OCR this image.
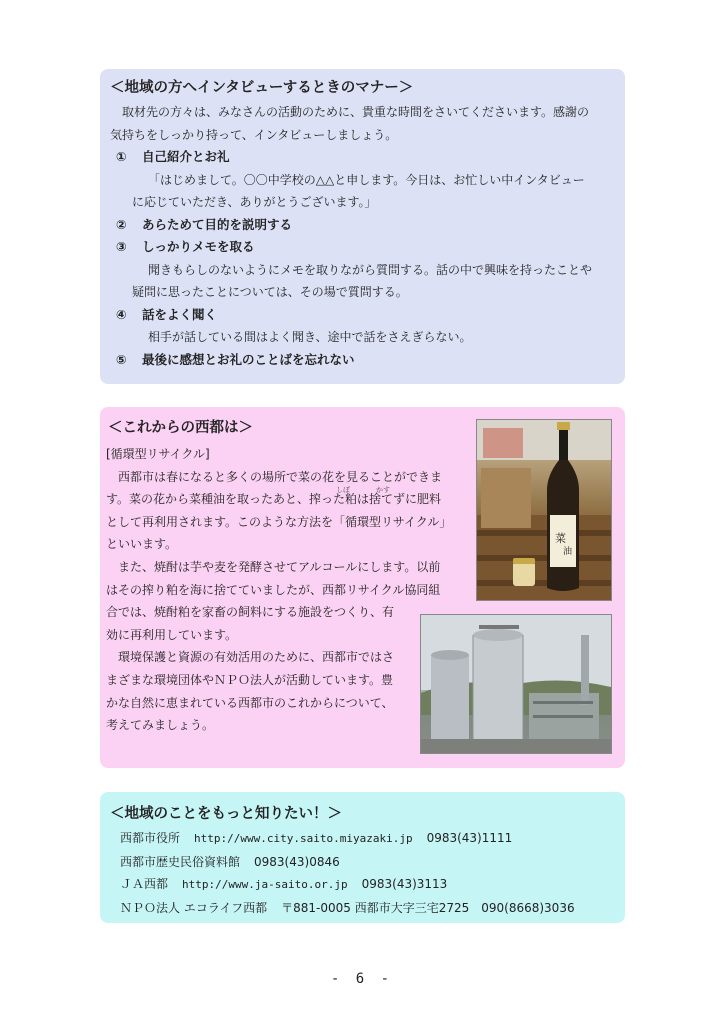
＜地域の方へインタビューするときのマナー＞
　取材先の方々は、みなさんの活動のために、貴重な時間をさいてくださいます。感謝の
気持ちをしっかり持って、インタビューしましょう。
① 自己紹介とお礼
「はじめまして。〇〇中学校の△△と申します。今日は、お忙しい中インタビュー
に応じていただき、ありがとうございます。」
② あらためて目的を説明する
③ しっかりメモを取る
聞きもらしのないようにメモを取りながら質問する。話の中で興味を持ったことや
疑問に思ったことについては、その場で質問する。
④ 話をよく聞く
相手が話している間はよく聞き、途中で話をさえぎらない。
⑤ 最後に感想とお礼のことばを忘れない
＜これからの西都は＞
[循環型リサイクル]
　西都市は春になると多くの場所で菜の花を見ることができま
す。菜の花から菜種油を取ったあと、搾った粕は捨てずに肥料
として再利用されます。このような方法を「循環型リサイクル」
といいます。
　また、焼酎は芋や麦を発酵させてアルコールにします。以前
はその搾り粕を海に捨てていましたが、西都リサイクル協同組
合では、焼酎粕を家畜の飼料にする施設をつくり、有
効に再利用しています。
　環境保護と資源の有効活用のために、西都市ではさ
まざまな環境団体やＮＰＯ法人が活動しています。豊
かな自然に恵まれている西都市のこれからについて、
考えてみましょう。
しぼ	かす
菜
油
＜地域のことをもっと知りたい！＞
西都市役所 http://www.city.saito.miyazaki.jp 0983(43)1111
西都市歴史民俗資料館 0983(43)0846
ＪＡ西都 http://www.ja-saito.or.jp 0983(43)3113
ＮＰＯ法人 エコライフ西都 〒881-0005 西都市大字三宅2725　090(8668)3036
- 6 -
